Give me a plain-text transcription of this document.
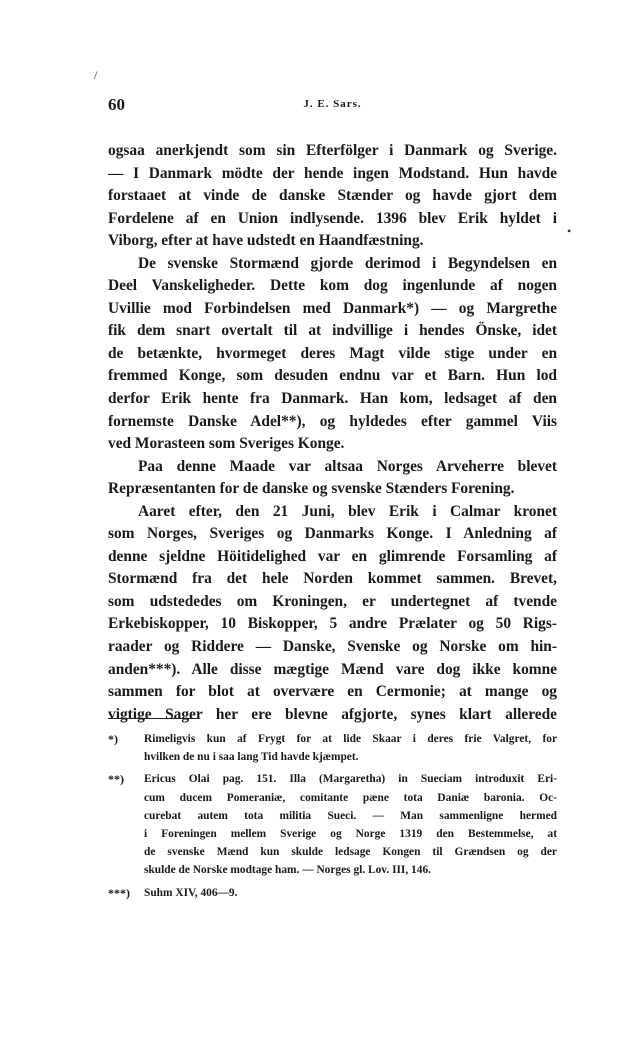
/
•
60	J. E. Sars.
ogsaa anerkjendt som sin Efterfölger i Danmark og Sverige.
— I Danmark mödte der hende ingen Modstand. Hun havde
forstaaet at vinde de danske Stænder og havde gjort dem
Fordelene af en Union indlysende. 1396 blev Erik hyldet i
Viborg, efter at have udstedt en Haandfæstning.
De svenske Stormænd gjorde derimod i Begyndelsen en
Deel Vanskeligheder. Dette kom dog ingenlunde af nogen
Uvillie mod Forbindelsen med Danmark*) — og Margrethe
fik dem snart overtalt til at indvillige i hendes Önske, idet
de betænkte, hvormeget deres Magt vilde stige under en
fremmed Konge, som desuden endnu var et Barn. Hun lod
derfor Erik hente fra Danmark. Han kom, ledsaget af den
fornemste Danske Adel**), og hyldedes efter gammel Viis
ved Morasteen som Sveriges Konge.
Paa denne Maade var altsaa Norges Arveherre blevet
Repræsentanten for de danske og svenske Stænders Forening.
Aaret efter, den 21 Juni, blev Erik i Calmar kronet
som Norges, Sveriges og Danmarks Konge. I Anledning af
denne sjeldne Höitidelighed var en glimrende Forsamling af
Stormænd fra det hele Norden kommet sammen. Brevet,
som udstededes om Kroningen, er undertegnet af tvende
Erkebiskopper, 10 Biskopper, 5 andre Prælater og 50 Rigs-
raader og Riddere — Danske, Svenske og Norske om hin-
anden***). Alle disse mægtige Mænd vare dog ikke komne
sammen for blot at overvære en Cermonie; at mange og
vigtige Sager her ere blevne afgjorte, synes klart allerede
*) Rimeligvis kun af Frygt for at lide Skaar i deres frie Valgret, for
hvilken de nu i saa lang Tid havde kjæmpet.
**) Ericus Olai pag. 151. Illa (Margaretha) in Sueciam introduxit Eri-
cum ducem Pomeraniæ, comitante pæne tota Daniæ baronia. Oc-
curebat autem tota militia Sueci. — Man sammenligne hermed
i Foreningen mellem Sverige og Norge 1319 den Bestemmelse, at
de svenske Mænd kun skulde ledsage Kongen til Grændsen og der
skulde de Norske modtage ham. — Norges gl. Lov. III, 146.
***) Suhm XIV, 406—9.
